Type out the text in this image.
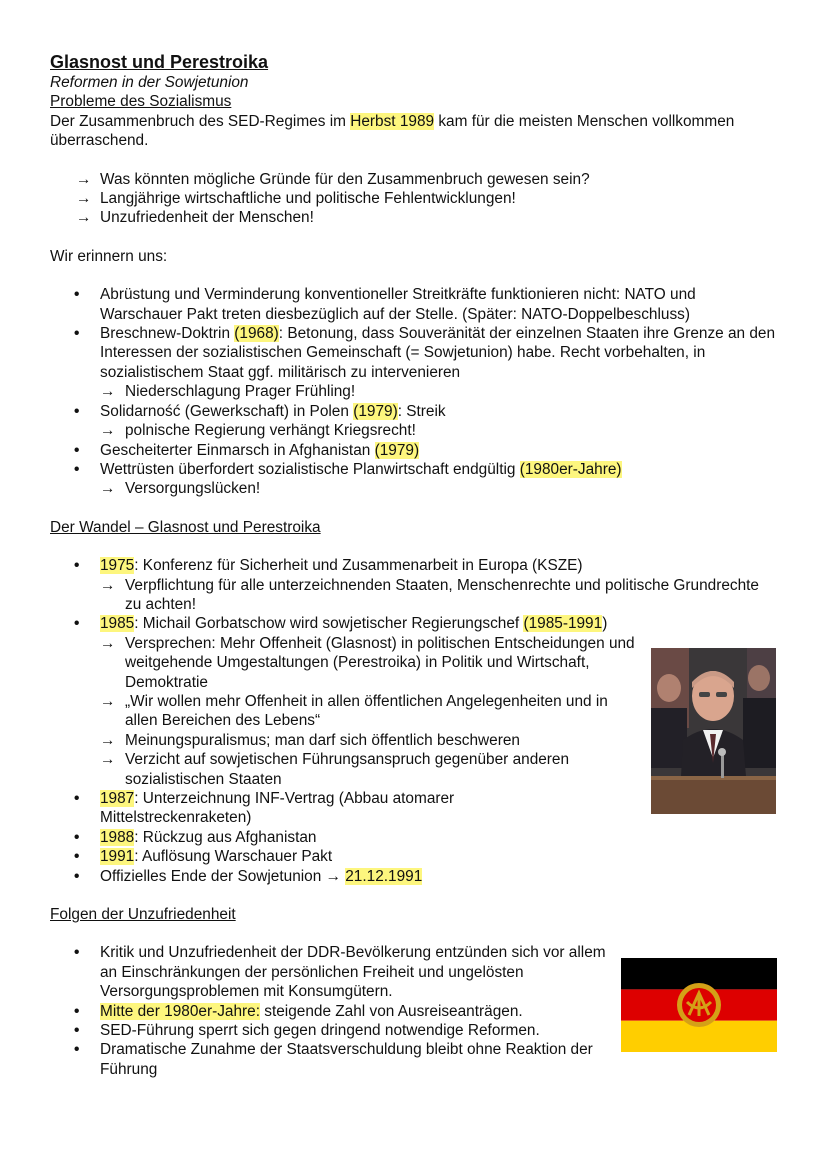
Glasnost und Perestroika

Reformen in der Sowjetunion

Probleme des Sozialismus

Der Zusammenbruch des SED-Regimes im Herbst 1989 kam für die meisten Menschen vollkommen überraschend.

→ Was könnten mögliche Gründe für den Zusammenbruch gewesen sein?
→ Langjährige wirtschaftliche und politische Fehlentwicklungen!
→ Unzufriedenheit der Menschen!

Wir erinnern uns:

• Abrüstung und Verminderung konventioneller Streitkräfte funktionieren nicht: NATO und Warschauer Pakt treten diesbezüglich auf der Stelle. (Später: NATO-Doppelbeschluss)
• Breschnew-Doktrin (1968): Betonung, dass Souveränität der einzelnen Staaten ihre Grenze an den Interessen der sozialistischen Gemeinschaft (= Sowjetunion) habe. Recht vorbehalten, in sozialistischem Staat ggf. militärisch zu intervenieren
→ Niederschlagung Prager Frühling!
• Solidarność (Gewerkschaft) in Polen (1979): Streik
→ polnische Regierung verhängt Kriegsrecht!
• Gescheiterter Einmarsch in Afghanistan (1979)
• Wettrüsten überfordert sozialistische Planwirtschaft endgültig (1980er-Jahre)
→ Versorgungslücken!

Der Wandel – Glasnost und Perestroika

• 1975: Konferenz für Sicherheit und Zusammenarbeit in Europa (KSZE)
→ Verpflichtung für alle unterzeichnenden Staaten, Menschenrechte und politische Grundrechte zu achten!
• 1985: Michail Gorbatschow wird sowjetischer Regierungschef (1985-1991)
→ Versprechen: Mehr Offenheit (Glasnost) in politischen Entscheidungen und weitgehende Umgestaltungen (Perestroika) in Politik und Wirtschaft, Demoktratie
→ „Wir wollen mehr Offenheit in allen öffentlichen Angelegenheiten und in allen Bereichen des Lebens“
→ Meinungspuralismus; man darf sich öffentlich beschweren
→ Verzicht auf sowjetischen Führungsanspruch gegenüber anderen sozialistischen Staaten
• 1987: Unterzeichnung INF-Vertrag (Abbau atomarer Mittelstreckenraketen)
• 1988: Rückzug aus Afghanistan
• 1991: Auflösung Warschauer Pakt
• Offizielles Ende der Sowjetunion → 21.12.1991

Folgen der Unzufriedenheit

• Kritik und Unzufriedenheit der DDR-Bevölkerung entzünden sich vor allem an Einschränkungen der persönlichen Freiheit und ungelösten Versorgungsproblemen mit Konsumgütern.
• Mitte der 1980er-Jahre: steigende Zahl von Ausreiseanträgen.
• SED-Führung sperrt sich gegen dringend notwendige Reformen.
• Dramatische Zunahme der Staatsverschuldung bleibt ohne Reaktion der Führung
